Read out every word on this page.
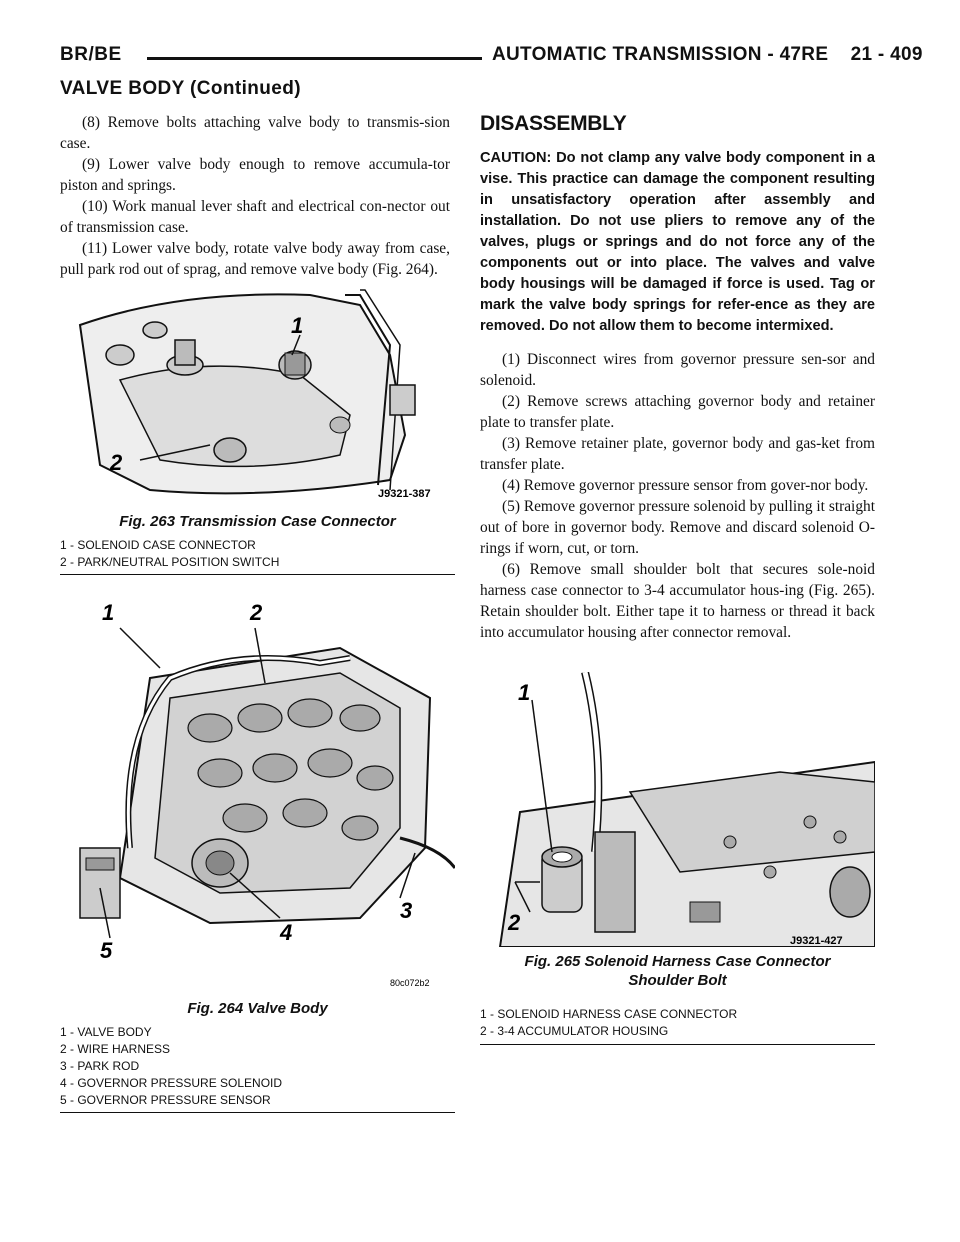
BR/BE	AUTOMATIC TRANSMISSION - 47RE    21 - 409
VALVE BODY (Continued)

(8) Remove bolts attaching valve body to transmis-sion case.

(9) Lower valve body enough to remove accumula-tor piston and springs.

(10) Work manual lever shaft and electrical con-nector out of transmission case.

(11) Lower valve body, rotate valve body away from case, pull park rod out of sprag, and remove valve body (Fig. 264).

DISASSEMBLY
CAUTION: Do not clamp any valve body component in a vise. This practice can damage the component resulting in unsatisfactory operation after assembly and installation. Do not use pliers to remove any of the valves, plugs or springs and do not force any of the components out or into place. The valves and valve body housings will be damaged if force is used. Tag or mark the valve body springs for refer-ence as they are removed. Do not allow them to become intermixed.

(1) Disconnect wires from governor pressure sen-sor and solenoid.

(2) Remove screws attaching governor body and retainer plate to transfer plate.

(3) Remove retainer plate, governor body and gas-ket from transfer plate.

(4) Remove governor pressure sensor from gover-nor body.

(5) Remove governor pressure solenoid by pulling it straight out of bore in governor body. Remove and discard solenoid O-rings if worn, cut, or torn.

(6) Remove small shoulder bolt that secures sole-noid harness case connector to 3-4 accumulator hous-ing (Fig. 265). Retain shoulder bolt. Either tape it to harness or thread it back into accumulator housing after connector removal.

1
2
J9321-387
Fig. 263 Transmission Case Connector
1 - SOLENOID CASE CONNECTOR
2 - PARK/NEUTRAL POSITION SWITCH
1	2
3
4
5
80c072b2
Fig. 264 Valve Body
1 - VALVE BODY
2 - WIRE HARNESS
3 - PARK ROD
4 - GOVERNOR PRESSURE SOLENOID
5 - GOVERNOR PRESSURE SENSOR
1
2
J9321-427
Fig. 265 Solenoid Harness Case Connector
Shoulder Bolt
1 - SOLENOID HARNESS CASE CONNECTOR
2 - 3-4 ACCUMULATOR HOUSING
